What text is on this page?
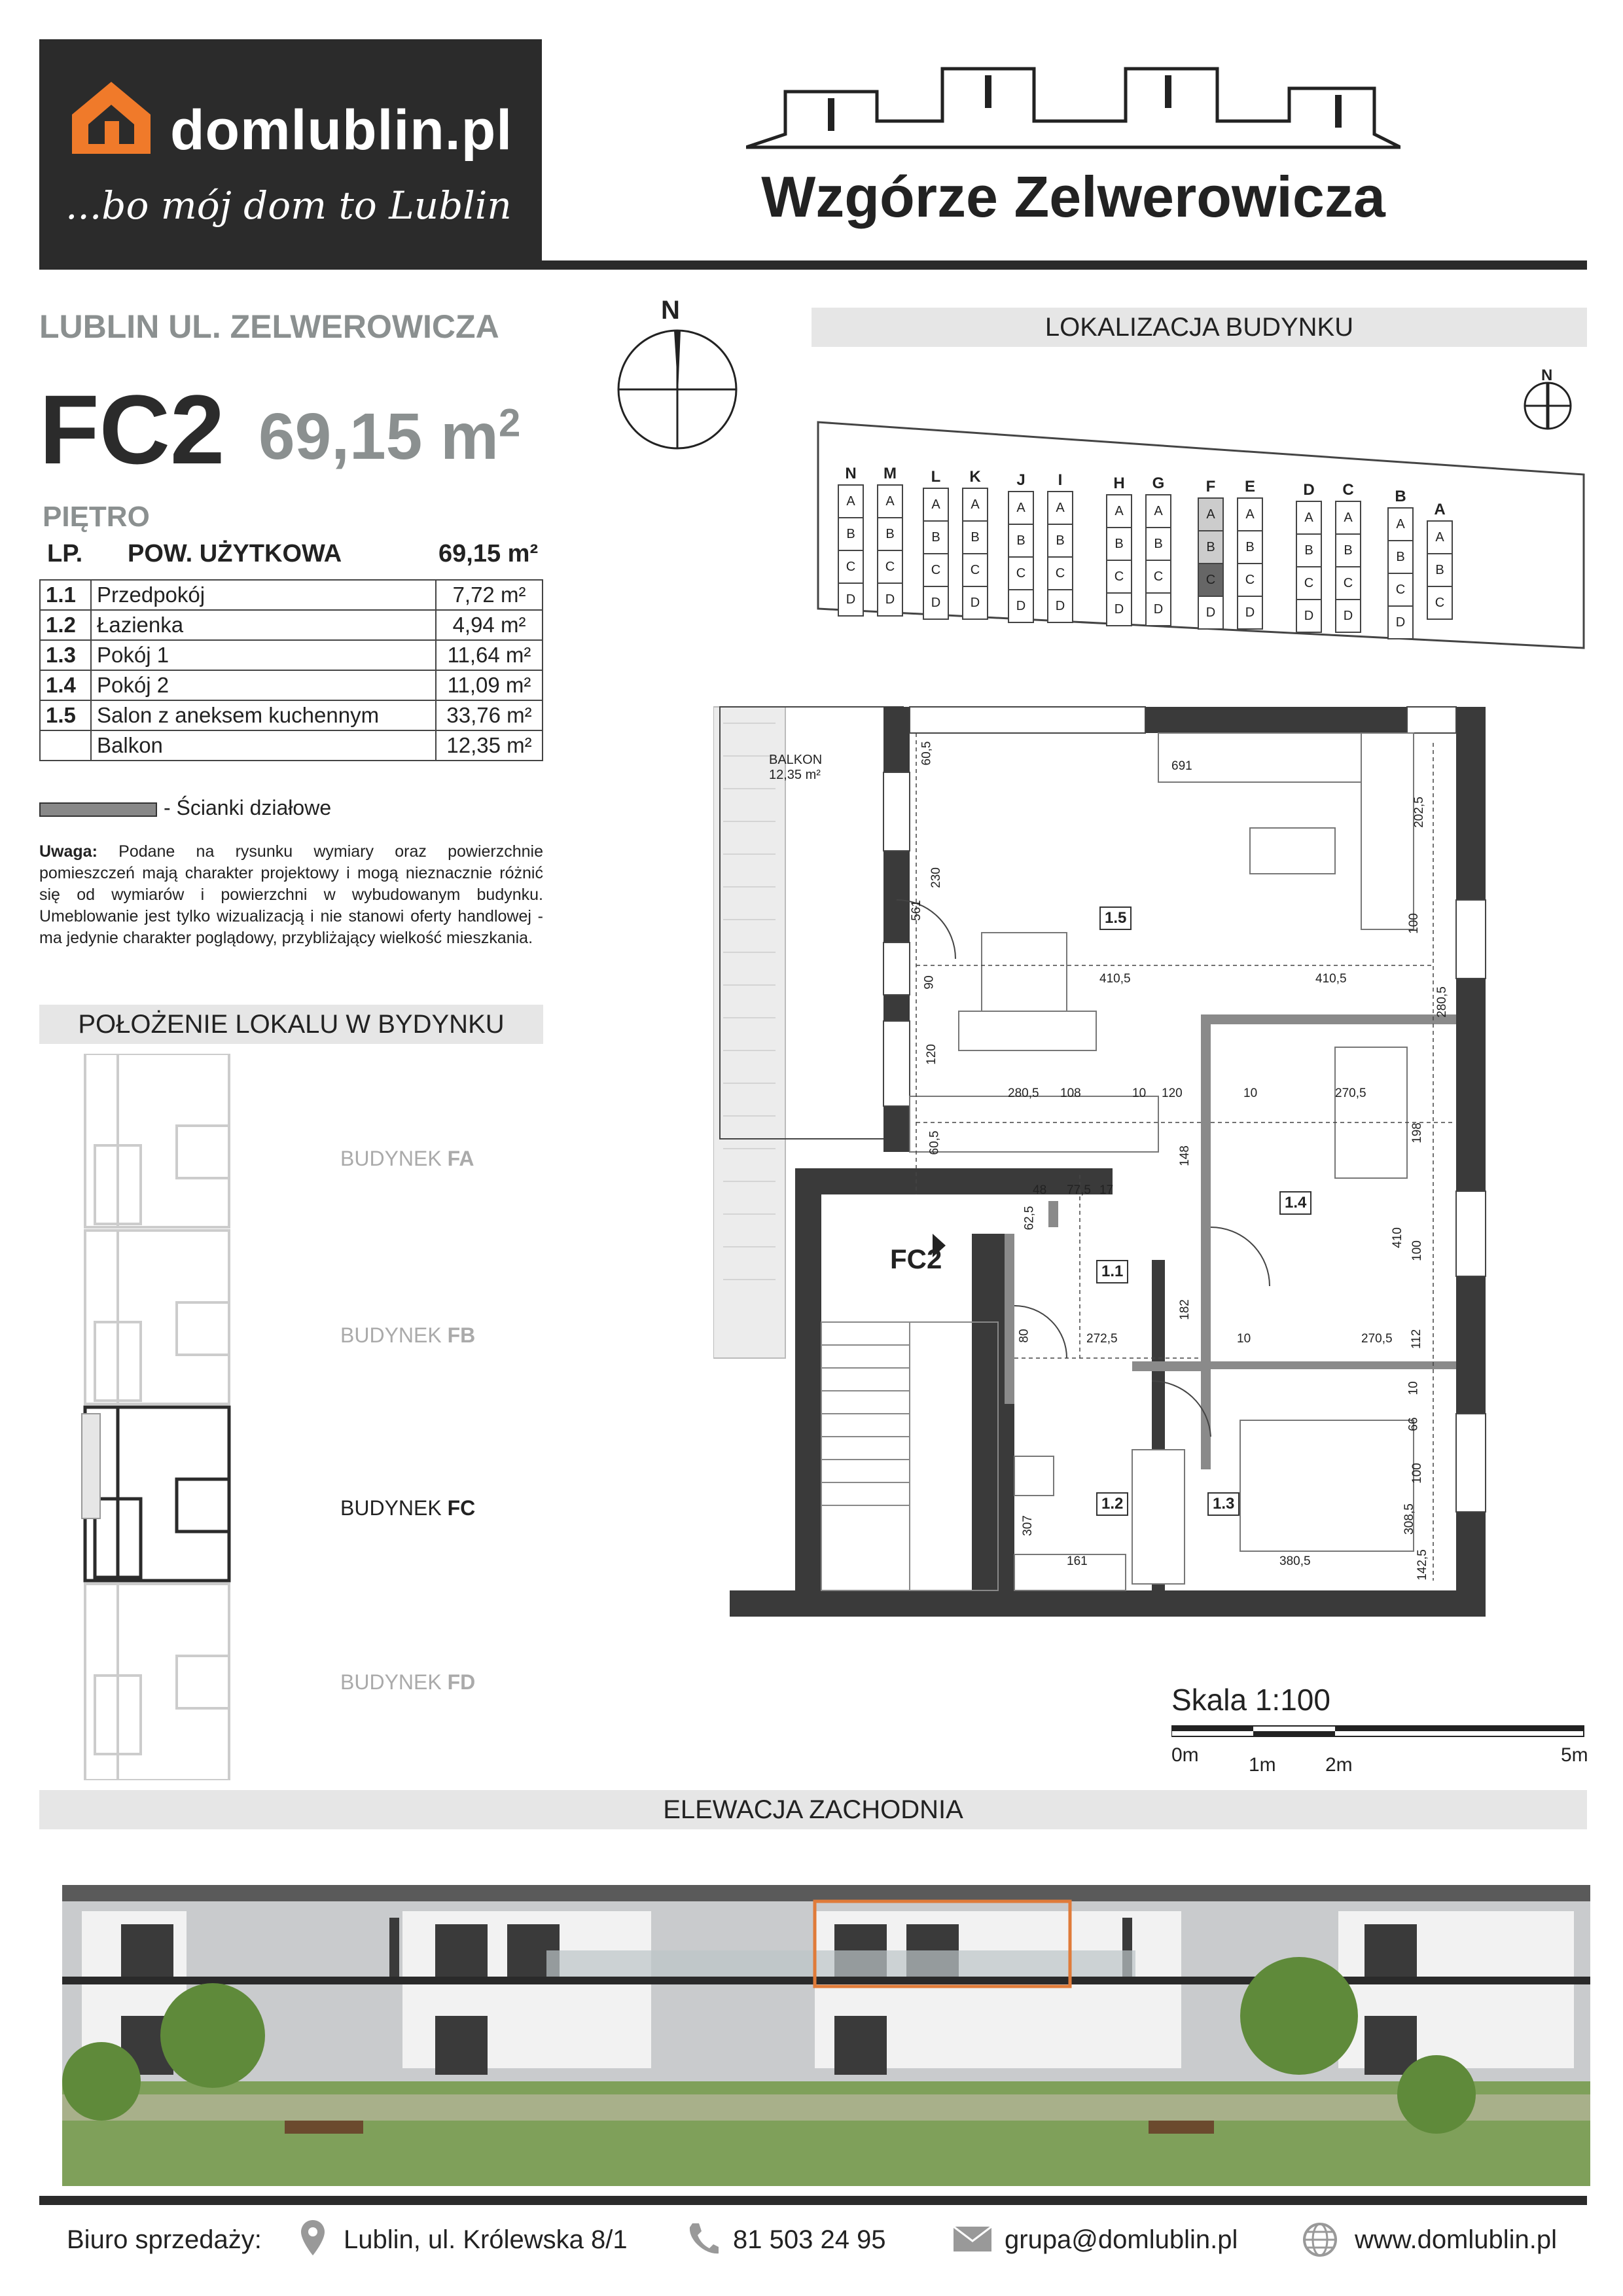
domlublin.pl
...bo mój dom to Lublin	Wzgórze Zelwerowicza
LUBLIN UL. ZELWEROWICZA
FC2 69,15 $m^2$
PIĘTRO
LP. POW. UŻYTKOWA	69,15 m²
1.1	Przedpokój	7,72 m²
1.2	Łazienka	4,94 m²
1.3	Pokój 1	11,64 m²
1.4	Pokój 2	11,09 m²
1.5	Salon z aneksem kuchennym	33,76 m²
	Balkon	12,35 m²
- Ścianki działowe
Uwaga: Podane na rysunku wymiary oraz powierzchnie pomieszczeń mają charakter projektowy i mogą nieznacznie różnić się od wymiarów i powierzchni w wybudowanym budynku. Umeblowanie jest tylko wizualizacją i nie stanowi oferty handlowej - ma jedynie charakter poglądowy, przybliżający wielkość mieszkania.
POŁOŻENIE LOKALU W BYDYNKU
BUDYNEK FA
BUDYNEK FB
BUDYNEK FC
BUDYNEK FD
N
LOKALIZACJA BUDYNKU
N
N
A
B
C
D
M
A
B
C
D
L
A
B
C
D
K
A
B
C
D
J
A
B
C
D
I
A
B
C
D
H
A
B
C
D
G
A
B
C
D
F
A
B
C
D
E
A
B
C
D
D
A
B
C
D
C
A
B
C
D
B
A
B
C
D
A
A
B
C
BALKON
12,35 m²
FC2
1.5
1.1
1.4
1.2	1.3
691
60,5
202,5
230
561
410,5
100
90	410,5
280,5
108
120
280,5	10 120	10	270,5
60,5
148
198
48 77,5 17
62,5
410
100
182
80	272,5	10	270,5 112
10
66
307
100
308,5
161	380,5	142,5
Skala 1:100
0m	1m	2m	5m
ELEWACJA ZACHODNIA
Biuro sprzedaży:	Lublin, ul. Królewska 8/1	81 503 24 95	grupa@domlublin.pl	www.domlublin.pl
